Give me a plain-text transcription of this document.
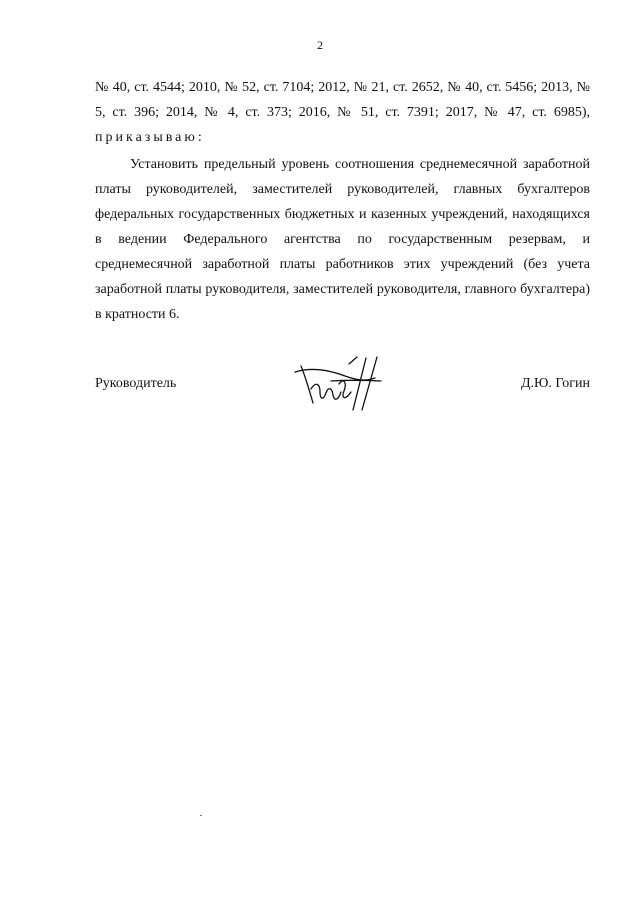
2

№ 40, ст. 4544; 2010, № 52, ст. 7104; 2012, № 21, ст. 2652, № 40, ст. 5456; 2013, № 5, ст. 396; 2014, № 4, ст. 373; 2016, № 51, ст. 7391; 2017, № 47, ст. 6985), приказываю:

Установить предельный уровень соотношения среднемесячной заработной платы руководителей, заместителей руководителей, главных бухгалтеров федеральных государственных бюджетных и казенных учреждений, находящихся в ведении Федерального агентства по государственным резервам, и среднемесячной заработной платы работников этих учреждений (без учета заработной платы руководителя, заместителей руководителя, главного бухгалтера) в кратности 6.

Руководитель	Д.Ю. Гогин
